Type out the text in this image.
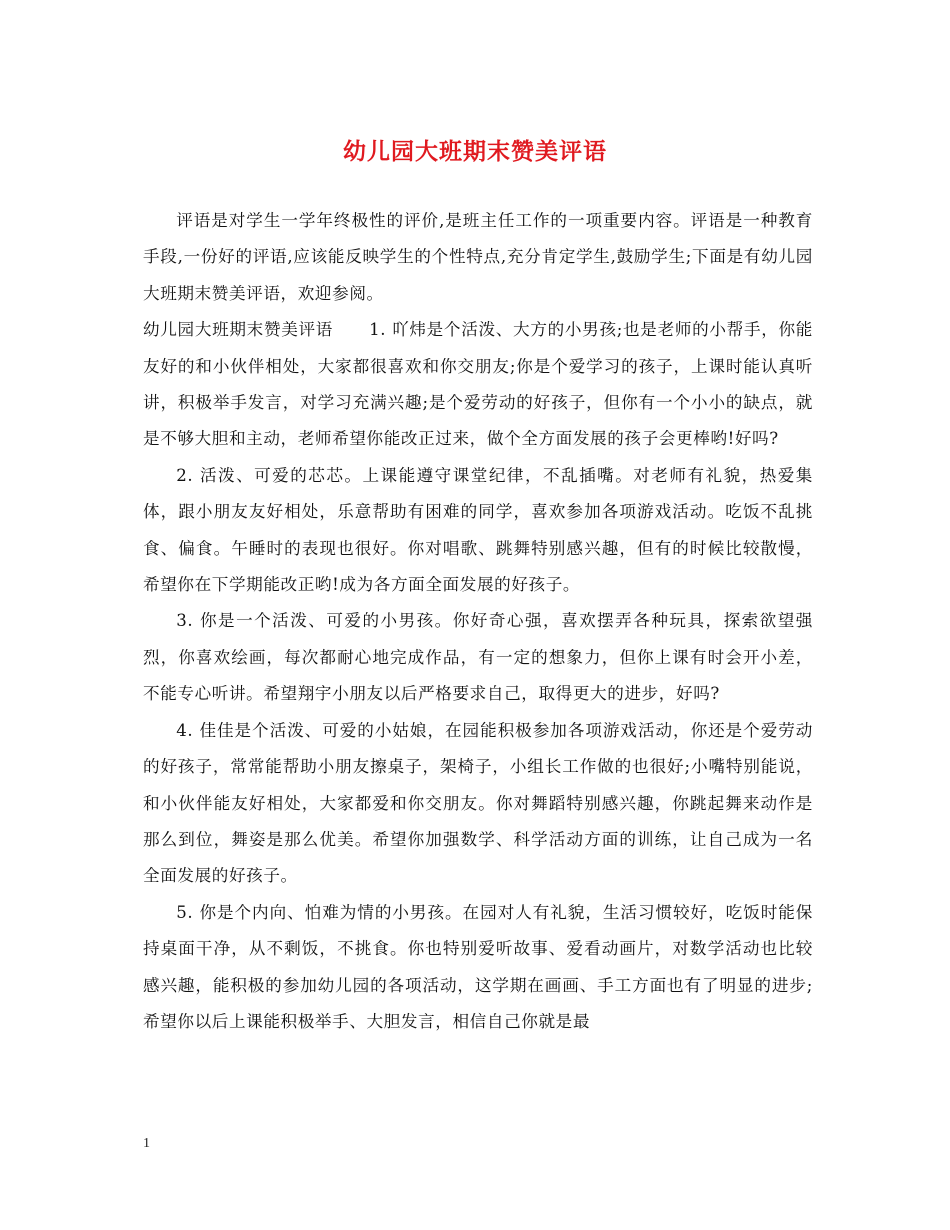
幼儿园大班期末赞美评语

评语是对学生一学年终极性的评价,是班主任工作的一项重要内容。评语是一种教育手段,一份好的评语,应该能反映学生的个性特点,充分肯定学生,鼓励学生;下面是有幼儿园大班期末赞美评语，欢迎参阅。

幼儿园大班期末赞美评语 1. 吖炜是个活泼、大方的小男孩;也是老师的小帮手，你能友好的和小伙伴相处，大家都很喜欢和你交朋友;你是个爱学习的孩子，上课时能认真听讲，积极举手发言，对学习充满兴趣;是个爱劳动的好孩子，但你有一个小小的缺点，就是不够大胆和主动，老师希望你能改正过来，做个全方面发展的孩子会更棒哟!好吗?

2. 活泼、可爱的芯芯。上课能遵守课堂纪律，不乱插嘴。对老师有礼貌，热爱集体，跟小朋友友好相处，乐意帮助有困难的同学，喜欢参加各项游戏活动。吃饭不乱挑食、偏食。午睡时的表现也很好。你对唱歌、跳舞特别感兴趣，但有的时候比较散慢，希望你在下学期能改正哟!成为各方面全面发展的好孩子。

3. 你是一个活泼、可爱的小男孩。你好奇心强，喜欢摆弄各种玩具，探索欲望强烈，你喜欢绘画，每次都耐心地完成作品，有一定的想象力，但你上课有时会开小差，不能专心听讲。希望翔宇小朋友以后严格要求自己，取得更大的进步，好吗?

4. 佳佳是个活泼、可爱的小姑娘，在园能积极参加各项游戏活动，你还是个爱劳动的好孩子，常常能帮助小朋友擦桌子，架椅子，小组长工作做的也很好;小嘴特别能说，和小伙伴能友好相处，大家都爱和你交朋友。你对舞蹈特别感兴趣，你跳起舞来动作是那么到位，舞姿是那么优美。希望你加强数学、科学活动方面的训练，让自己成为一名全面发展的好孩子。

5. 你是个内向、怕难为情的小男孩。在园对人有礼貌，生活习惯较好，吃饭时能保持桌面干净，从不剩饭，不挑食。你也特别爱听故事、爱看动画片，对数学活动也比较感兴趣，能积极的参加幼儿园的各项活动，这学期在画画、手工方面也有了明显的进步;希望你以后上课能积极举手、大胆发言，相信自己你就是最

1
